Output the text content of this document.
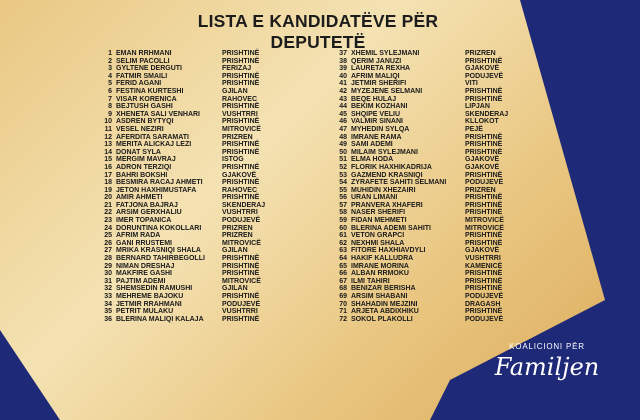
LISTA E KANDIDATËVE PËR DEPUTETË
1 EMAN RRHMANI	PRISHTINË
2 SELIM PACOLLI	PRISHTINË
3 GYLTENE DERGUTI	FERIZAJ
4 FATMIR SMAILI	PRISHTINË
5 FERID AGANI	PRISHTINË
6 FESTINA KURTESHI	GJILAN
7 VISAR KORENICA	RAHOVEC
8 BEJTUSH GASHI	PRISHTINË
9 XHENETA SALI VENHARI	VUSHTRRI
10 ASDREN BYTYQI	PRISHTINË
11 VESEL NEZIRI	MITROVICË
12 AFËRDITA SARAMATI	PRIZREN
13 MERITA ALICKAJ LEZI	PRISHTINË
14 DONAT SYLA	PRISHTINË
15 MERGIM MAVRAJ	ISTOG
16 ADRON TERZIQI	PRISHTINË
17 BAHRI BOKSHI	GJAKOVË
18 BESMIRA RACAJ AHMETI	PRISHTINË
19 JETON HAXHIMUSTAFA	RAHOVEC
20 AMIR AHMETI	PRISHTINË
21 FATJONA BAJRAJ	SKENDERAJ
22 ARSIM GËRXHALIU	VUSHTRRI
23 IMER TOPANICA	PODUJEVË
24 DORUNTINA KOKOLLARI	PRIZREN
25 AFRIM RADA	PRIZREN
26 GANI RRUSTEMI	MITROVICË
27 MRIKA KRASNIQI SHALA	GJILAN
28 BERNARD TAHIRBEGOLLI	PRISHTINË
29 NIMAN DRESHAJ	PRISHTINË
30 MAKFIRE GASHI	PRISHTINË
31 PAJTIM ADEMI	MITROVICË
32 SHEMSEDIN RAMUSHI	GJILAN
33 MEHREME BAJOKU	PRISHTINË
34 JETMIR RRAHMANI	PODUJEVË
35 PETRIT MULAKU	VUSHTRRI
36 BLERINA MALIQI KALAJA	PRISHTINË
37 XHEMIL SYLEJMANI	PRIZREN
38 QERIM JANUZI	PRISHTINË
39 LAURETA REXHA	GJAKOVË
40 AFRIM MALIQI	PODUJEVË
41 JETMIR SHERIFI	VITI
42 MYZEJENE SELMANI	PRISHTINË
43 BEQË HULAJ	PRISHTINË
44 BEKIM KOZHANI	LIPJAN
45 SHQIPE VELIU	SKENDERAJ
46 VALMIR SINANI	KLLOKOT
47 MYHEDIN SYLQA	PEJË
48 IMRANE RAMA	PRISHTINË
49 SAMI ADEMI	PRISHTINË
50 MILAIM SYLEJMANI	PRISHTINË
51 ELMA HODA	GJAKOVË
52 FLORIK HAXHIKADRIJA	GJAKOVË
53 GAZMEND KRASNIQI	PRISHTINË
54 ZYRAFETE SAHITI SELMANI	PODUJEVË
55 MUHIDIN XHEZAIRI	PRIZREN
56 URAN LIMANI	PRISHTINË
57 PRANVERA XHAFERI	PRISHTINË
58 NASER SHERIFI	PRISHTINË
59 FIDAN MEHMETI	MITROVICË
60 BLERINA ADEMI SAHITI	MITROVICË
61 VETON GRAPCI	PRISHTINË
62 NEXHMI SHALA	PRISHTINË
63 FITORE HAXHIAVDYLI	GJAKOVË
64 HAKIF KALLUDRA	VUSHTRRI
65 IMRANE MORINA	KAMENICË
66 ALBAN RRMOKU	PRISHTINË
67 ILMI TAHIRI	PRISHTINË
68 BENIZAR BERISHA	PRISHTINË
69 ARSIM SHABANI	PODUJEVË
70 SHAHADIN MEJZINI	DRAGASH
71 ARJETA ABDIXHIKU	PRISHTINË
72 SOKOL PLAKOLLI	PODUJEVË
KOALICIONI PËR
Familjen
